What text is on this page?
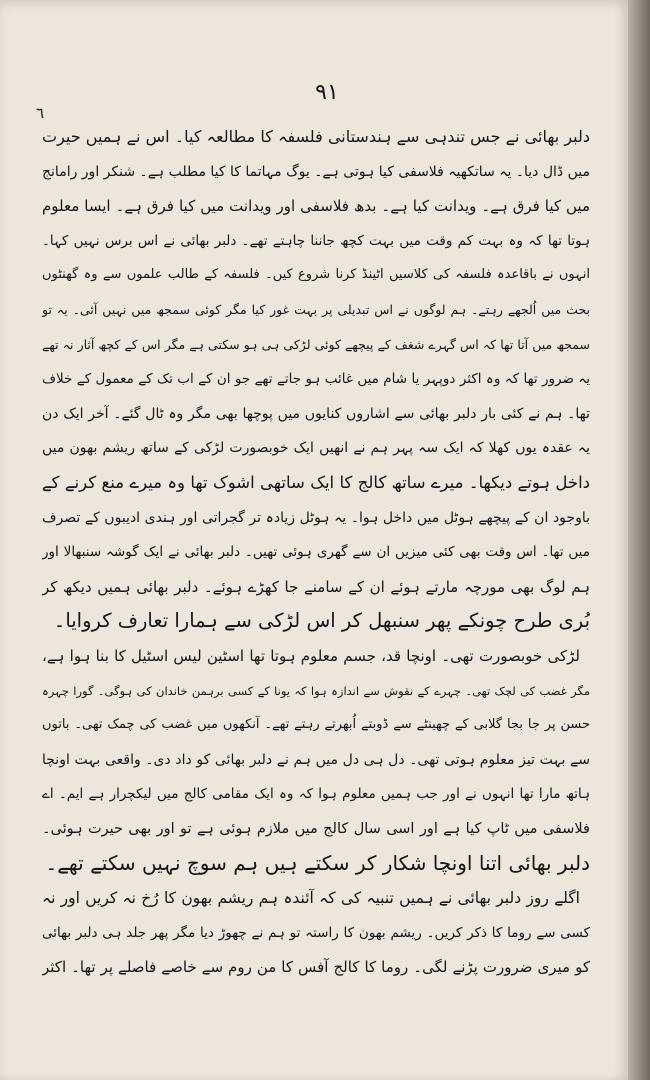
۹۱
٦
دلبر بھائی نے جس تندہی سے ہندستانی فلسفہ کا مطالعہ کیا۔ اس نے ہمیں حیرت
میں ڈال دیا۔ یہ ساتکھیہ فلاسفی کیا ہوتی ہے۔ یوگ مہاتما کا کیا مطلب ہے۔ شنکر اور رامانج
میں کیا فرق ہے۔ ویدانت کیا ہے۔ بدھ فلاسفی اور ویدانت میں کیا فرق ہے۔ ایسا معلوم
ہوتا تھا کہ وہ بہت کم وقت میں بہت کچھ جاننا چاہتے تھے۔ دلبر بھائی نے اس برس نہیں کہا۔
انہوں نے باقاعدہ فلسفہ کی کلاسیں اٹینڈ کرنا شروع کیں۔ فلسفہ کے طالب علموں سے وہ گھنٹوں
بحث میں اُلجھے رہتے۔ ہم لوگوں نے اس تبدیلی پر بہت غور کیا مگر کوئی سمجھ میں نہیں آئی۔ یہ تو
سمجھ میں آتا تھا کہ اس گہرے شغف کے پیچھے کوئی لڑکی ہی ہو سکتی ہے مگر اس کے کچھ آثار نہ تھے
یہ ضرور تھا کہ وہ اکثر دوپہر یا شام میں غائب ہو جاتے تھے جو ان کے اب تک کے معمول کے خلاف
تھا۔ ہم نے کئی بار دلبر بھائی سے اشاروں کنایوں میں پوچھا بھی مگر وہ ٹال گئے۔ آخر ایک دن
یہ عقدہ یوں کھلا کہ ایک سہ پہر ہم نے انھیں ایک خوبصورت لڑکی کے ساتھ ریشم بھون میں
داخل ہوتے دیکھا۔ میرے ساتھ کالج کا ایک ساتھی اشوک تھا وہ میرے منع کرنے کے
باوجود ان کے پیچھے ہوٹل میں داخل ہوا۔ یہ ہوٹل زیادہ تر گجراتی اور ہندی ادیبوں کے تصرف
میں تھا۔ اس وقت بھی کئی میزیں ان سے گھری ہوئی تھیں۔ دلبر بھائی نے ایک گوشہ سنبھالا اور
ہم لوگ بھی مورچہ مارتے ہوئے ان کے سامنے جا کھڑے ہوئے۔ دلبر بھائی ہمیں دیکھ کر
بُری طرح چونکے پھر سنبھل کر اس لڑکی سے ہمارا تعارف کروایا۔
لڑکی خوبصورت تھی۔ اونچا قد، جسم معلوم ہوتا تھا اسٹین لیس اسٹیل کا بنا ہوا ہے،
مگر غضب کی لچک تھی۔ چہرے کے نقوش سے اندازہ ہوا کہ یونا کے کسی برہمن خاندان کی ہوگی۔ گورا چہرہ
حسن پر جا بجا گلابی کے چھینٹے سے ڈوبتے اُبھرتے رہتے تھے۔ آنکھوں میں غضب کی چمک تھی۔ باتوں
سے بہت تیز معلوم ہوتی تھی۔ دل ہی دل میں ہم نے دلبر بھائی کو داد دی۔ واقعی بہت اونچا
ہاتھ مارا تھا انہوں نے اور جب ہمیں معلوم ہوا کہ وہ ایک مقامی کالج میں لیکچرار ہے ایم۔ اے
فلاسفی میں ٹاپ کیا ہے اور اسی سال کالج میں ملازم ہوئی ہے تو اور بھی حیرت ہوئی۔
دلبر بھائی اتنا اونچا شکار کر سکتے ہیں ہم سوچ نہیں سکتے تھے۔
اگلے روز دلبر بھائی نے ہمیں تنبیہ کی کہ آئندہ ہم ریشم بھون کا رُخ نہ کریں اور نہ
کسی سے روما کا ذکر کریں۔ ریشم بھون کا راستہ تو ہم نے چھوڑ دیا مگر پھر جلد ہی دلبر بھائی
کو میری ضرورت پڑنے لگی۔ روما کا کالج آفس کا من روم سے خاصے فاصلے پر تھا۔ اکثر
